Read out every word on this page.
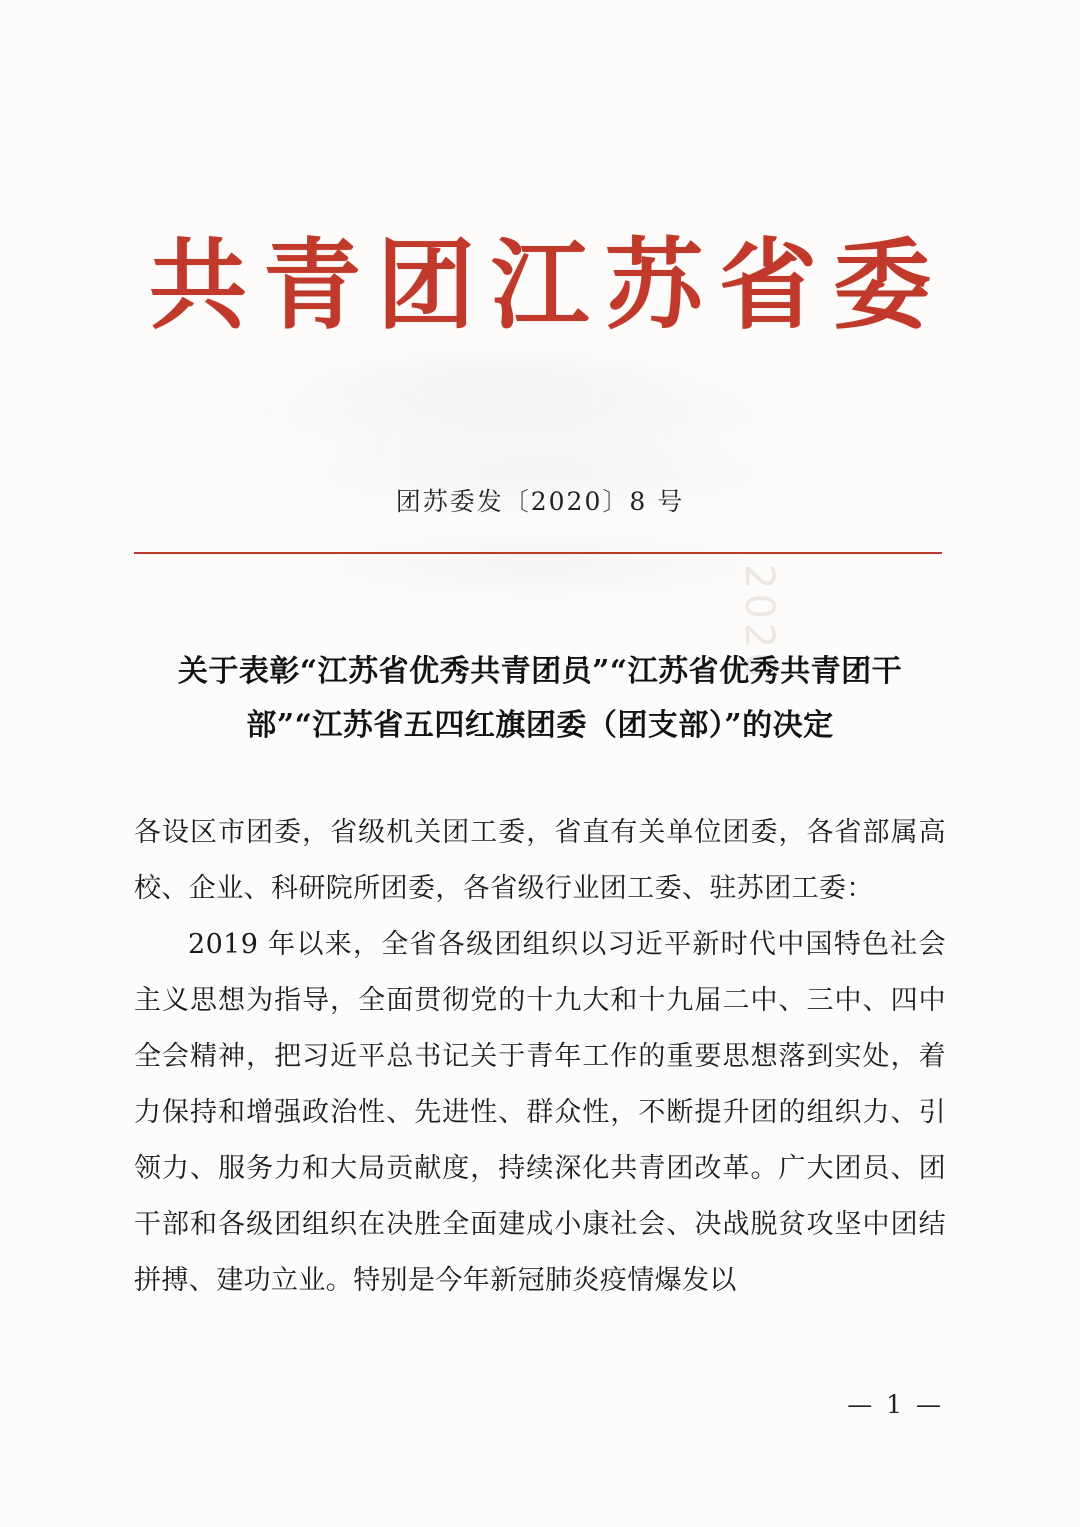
2020
共青团江苏省委
团苏委发〔2020〕8 号
关于表彰“江苏省优秀共青团员”“江苏省优秀共青团干部”“江苏省五四红旗团委（团支部）”的决定

各设区市团委，省级机关团工委，省直有关单位团委，各省部属高校、企业、科研院所团委，各省级行业团工委、驻苏团工委：

2019 年以来，全省各级团组织以习近平新时代中国特色社会主义思想为指导，全面贯彻党的十九大和十九届二中、三中、四中全会精神，把习近平总书记关于青年工作的重要思想落到实处，着力保持和增强政治性、先进性、群众性，不断提升团的组织力、引领力、服务力和大局贡献度，持续深化共青团改革。广大团员、团干部和各级团组织在决胜全面建成小康社会、决战脱贫攻坚中团结拼搏、建功立业。特别是今年新冠肺炎疫情爆发以

— 1 —
